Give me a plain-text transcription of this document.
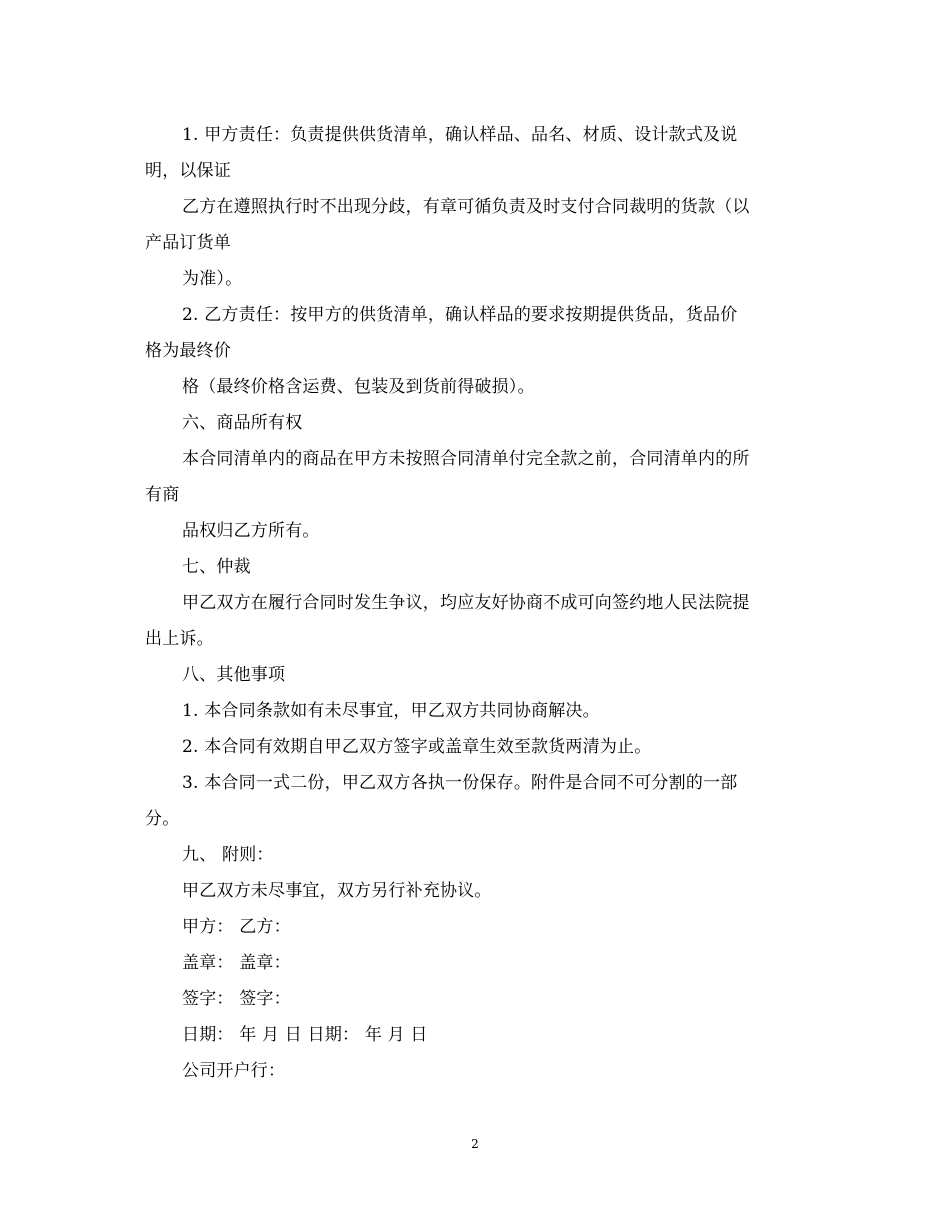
1. 甲方责任：负责提供供货清单，确认样品、品名、材质、设计款式及说
明，以保证
乙方在遵照执行时不出现分歧，有章可循负责及时支付合同裁明的货款（以
产品订货单
为准）。
2. 乙方责任：按甲方的供货清单，确认样品的要求按期提供货品，货品价
格为最终价
格（最终价格含运费、包装及到货前得破损）。
六、商品所有权
本合同清单内的商品在甲方未按照合同清单付完全款之前，合同清单内的所
有商
品权归乙方所有。
七、仲裁
甲乙双方在履行合同时发生争议，均应友好协商不成可向签约地人民法院提
出上诉。
八、其他事项
1. 本合同条款如有未尽事宜，甲乙双方共同协商解决。
2. 本合同有效期自甲乙双方签字或盖章生效至款货两清为止。
3. 本合同一式二份，甲乙双方各执一份保存。附件是合同不可分割的一部
分。
九、 附则：
甲乙双方未尽事宜，双方另行补充协议。
甲方： 乙方：
盖章： 盖章：
签字： 签字：
日期： 年 月 日 日期： 年 月 日
公司开户行：
2
